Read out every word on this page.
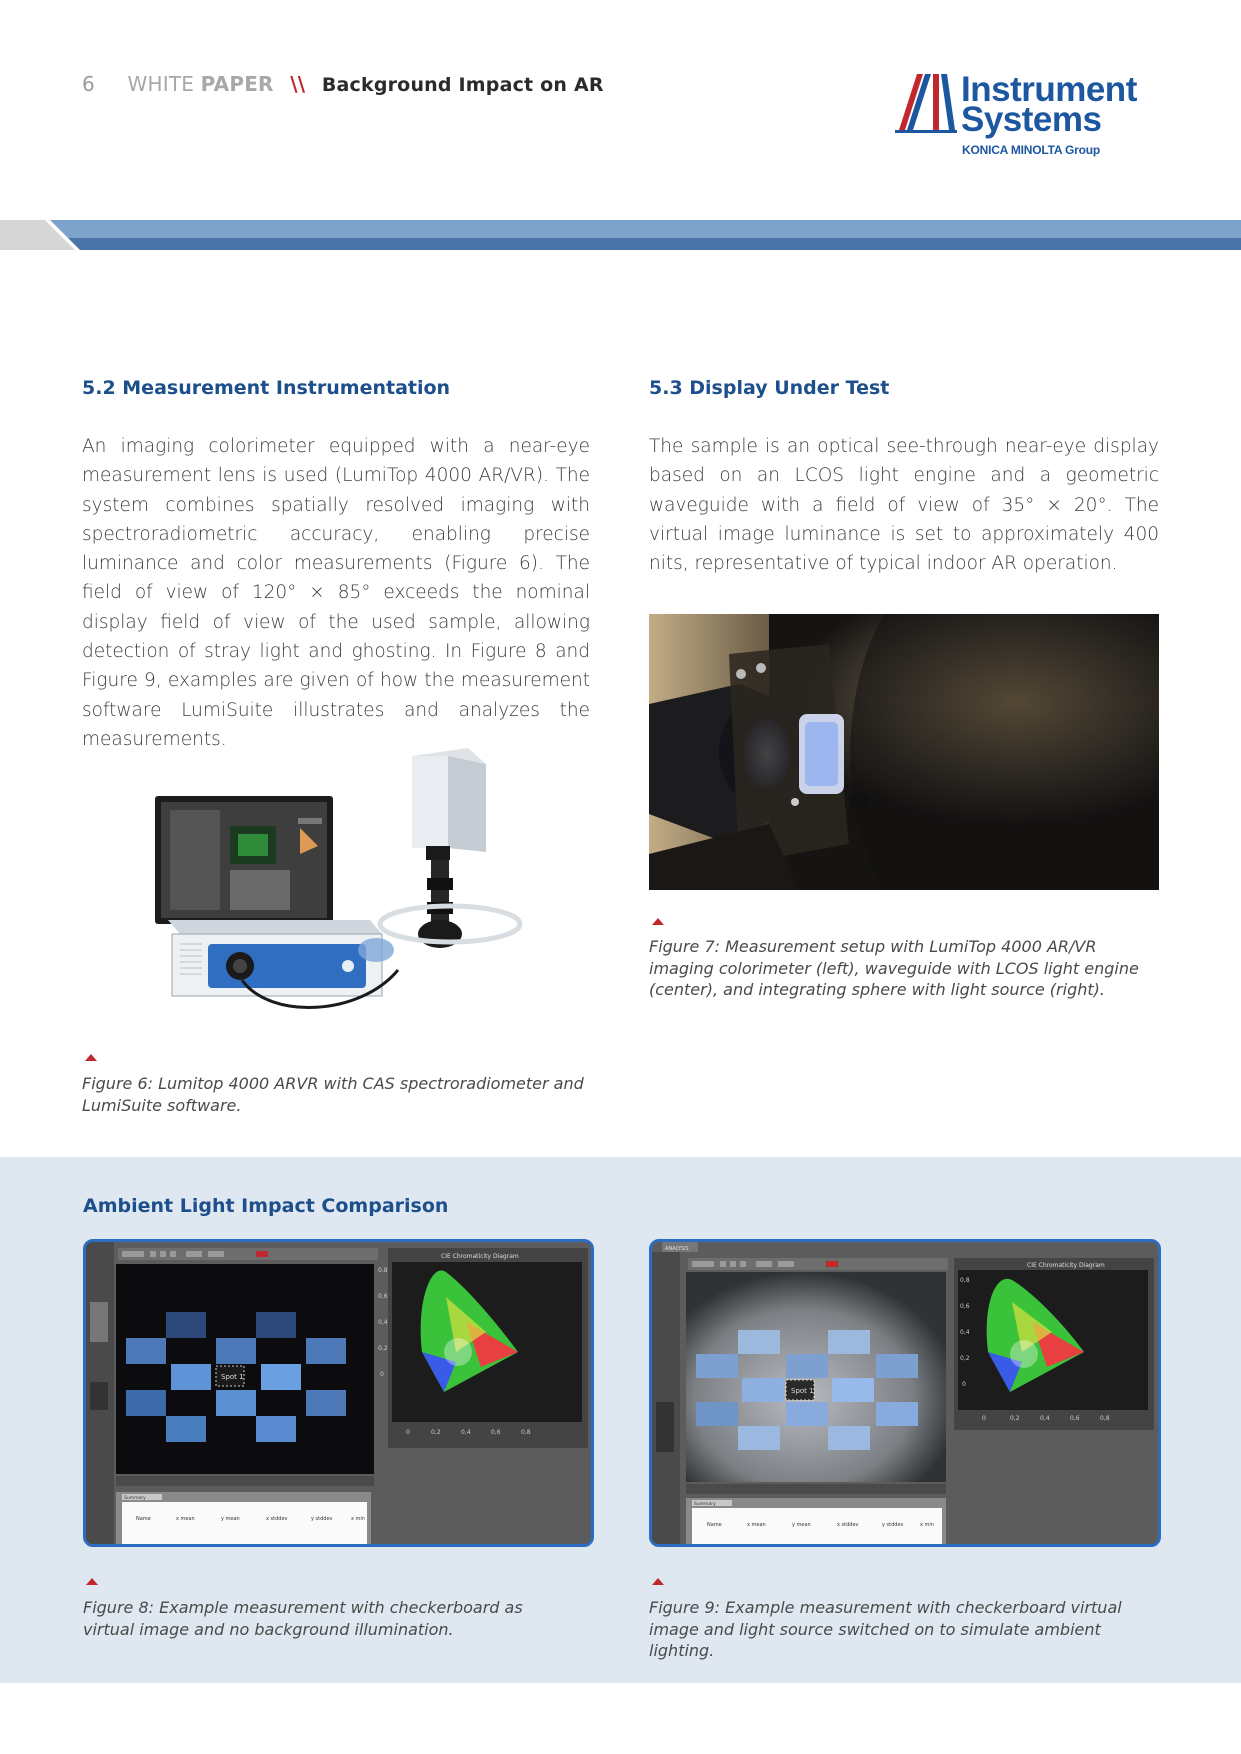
6 WHITE PAPER \\ Background Impact on AR	Instrument
Systems
KONICA MINOLTA Group
5.2 Measurement Instrumentation
An imaging colorimeter equipped with a near-eye measurement lens is used (LumiTop 4000 AR/VR). The system combines spatially resolved imaging with spectroradiometric accuracy, enabling precise luminance and color measurements (Figure 6). The field of view of 120° × 85° exceeds the nominal display field of view of the used sample, allowing detection of stray light and ghosting. In Figure 8 and Figure 9, examples are given of how the measurement software LumiSuite illustrates and analyzes the measurements.
Figure 6: Lumitop 4000 ARVR with CAS spectroradiometer and LumiSuite software.
5.3 Display Under Test
The sample is an optical see-through near-eye display based on an LCOS light engine and a geometric waveguide with a field of view of 35° × 20°. The virtual image luminance is set to approximately 400 nits, representative of typical indoor AR operation.
Figure 7: Measurement setup with LumiTop 4000 AR/VR imaging colorimeter (left), waveguide with LCOS light engine (center), and integrating sphere with light source (right).
Ambient Light Impact Comparison
Spot 1
CIE Chromaticity Diagram
0,8
0,6
0,4
0,2
0
0	0,2	0,4	0,6	0,8
Summary
Name	x mean	y mean	x stddev	y stddev	x min
ANALYSIS
Spot 1
CIE Chromaticity Diagram
0,8
0,6
0,4
0,2
0
0	0,2	0,4	0,6	0,8
Summary
Name	x mean	y mean	x stddev	y stddev	x min
Figure 8: Example measurement with checkerboard as virtual image and no background illumination.
Figure 9: Example measurement with checkerboard virtual image and light source switched on to simulate ambient lighting.
